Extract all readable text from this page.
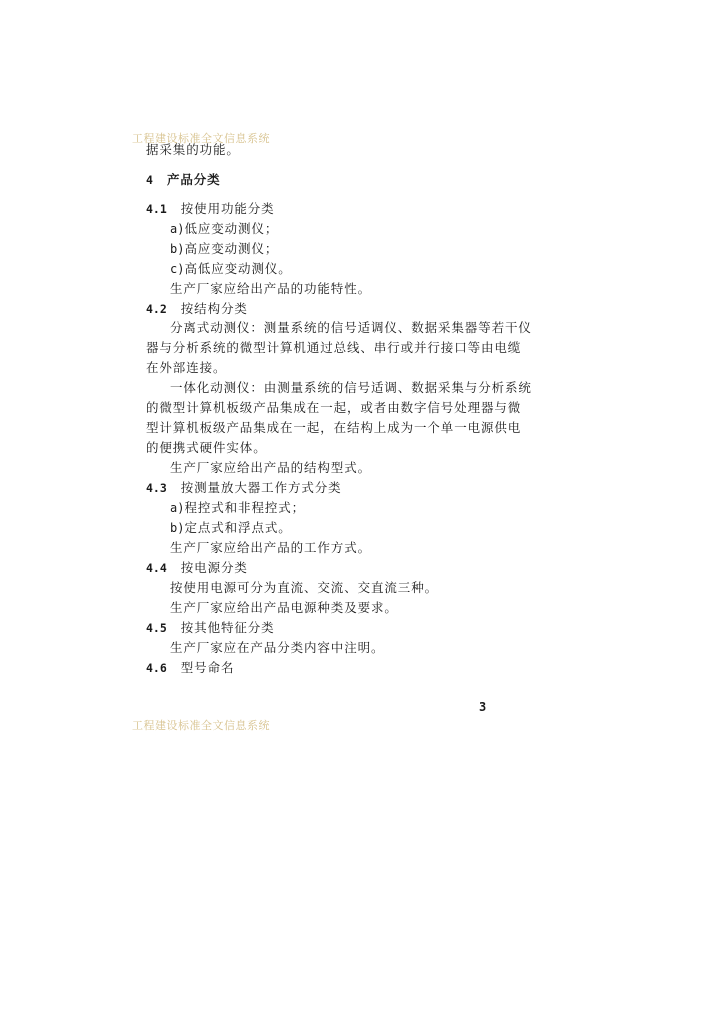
工程建设标准全文信息系统
据采集的功能。
4 产品分类
4.1 按使用功能分类
a)低应变动测仪；
b)高应变动测仪；
c)高低应变动测仪。
生产厂家应给出产品的功能特性。
4.2 按结构分类
分离式动测仪：测量系统的信号适调仪、数据采集器等若干仪
器与分析系统的微型计算机通过总线、串行或并行接口等由电缆
在外部连接。
一体化动测仪：由测量系统的信号适调、数据采集与分析系统
的微型计算机板级产品集成在一起，或者由数字信号处理器与微
型计算机板级产品集成在一起，在结构上成为一个单一电源供电
的便携式硬件实体。
生产厂家应给出产品的结构型式。
4.3 按测量放大器工作方式分类
a)程控式和非程控式；
b)定点式和浮点式。
生产厂家应给出产品的工作方式。
4.4 按电源分类
按使用电源可分为直流、交流、交直流三种。
生产厂家应给出产品电源种类及要求。
4.5 按其他特征分类
生产厂家应在产品分类内容中注明。
4.6 型号命名
3
工程建设标准全文信息系统
